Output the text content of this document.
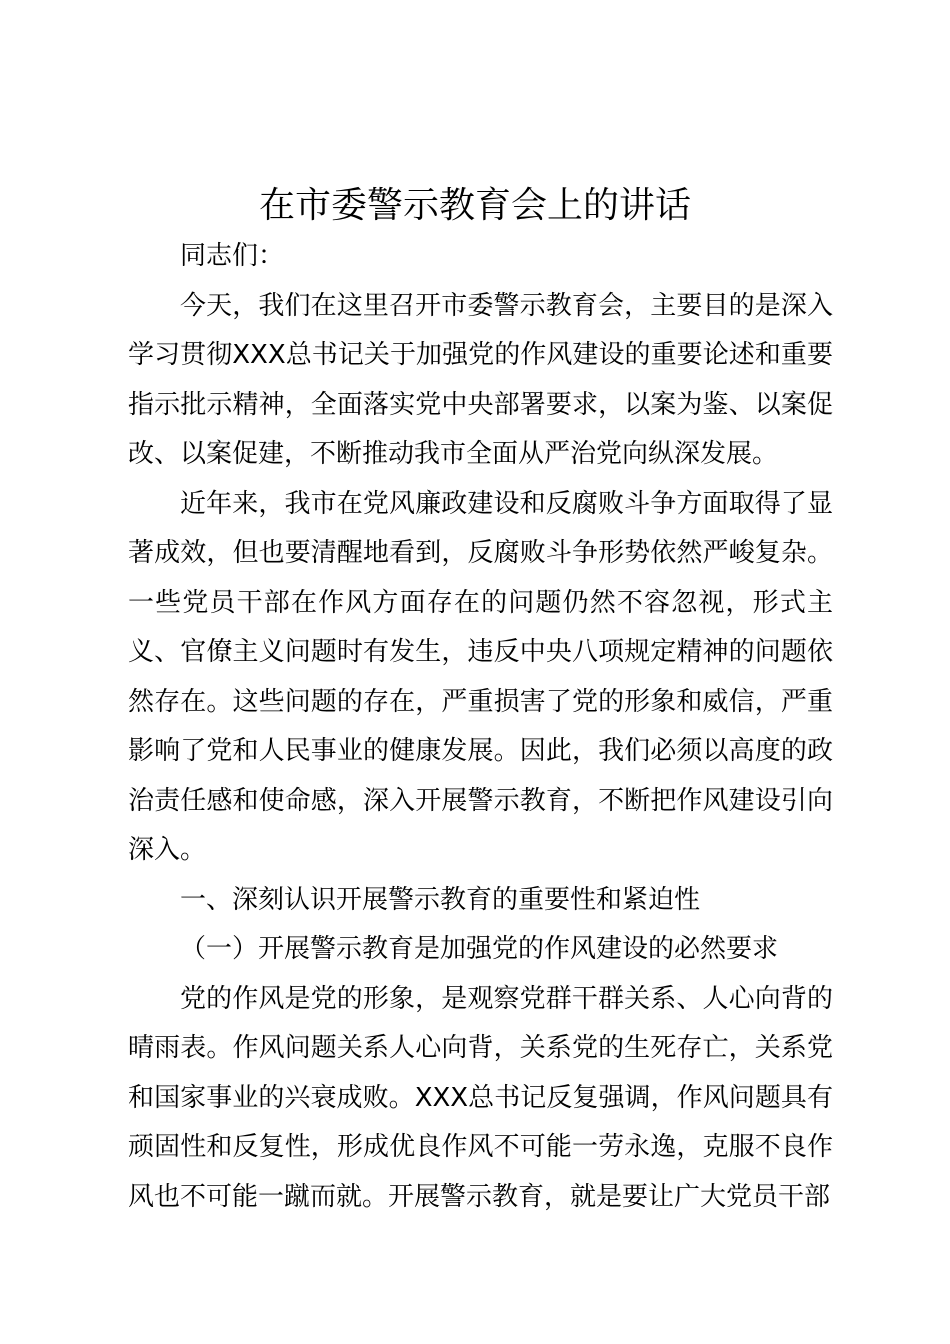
在市委警示教育会上的讲话

同志们：

今天，我们在这里召开市委警示教育会，主要目的是深入学习贯彻XXX总书记关于加强党的作风建设的重要论述和重要指示批示精神，全面落实党中央部署要求，以案为鉴、以案促改、以案促建，不断推动我市全面从严治党向纵深发展。

近年来，我市在党风廉政建设和反腐败斗争方面取得了显著成效，但也要清醒地看到，反腐败斗争形势依然严峻复杂。一些党员干部在作风方面存在的问题仍然不容忽视，形式主义、官僚主义问题时有发生，违反中央八项规定精神的问题依然存在。这些问题的存在，严重损害了党的形象和威信，严重影响了党和人民事业的健康发展。因此，我们必须以高度的政治责任感和使命感，深入开展警示教育，不断把作风建设引向深入。

一、深刻认识开展警示教育的重要性和紧迫性

（一）开展警示教育是加强党的作风建设的必然要求

党的作风是党的形象，是观察党群干群关系、人心向背的晴雨表。作风问题关系人心向背，关系党的生死存亡，关系党和国家事业的兴衰成败。XXX总书记反复强调，作风问题具有顽固性和反复性，形成优良作风不可能一劳永逸，克服不良作风也不可能一蹴而就。开展警示教育，就是要让广大党员干部
